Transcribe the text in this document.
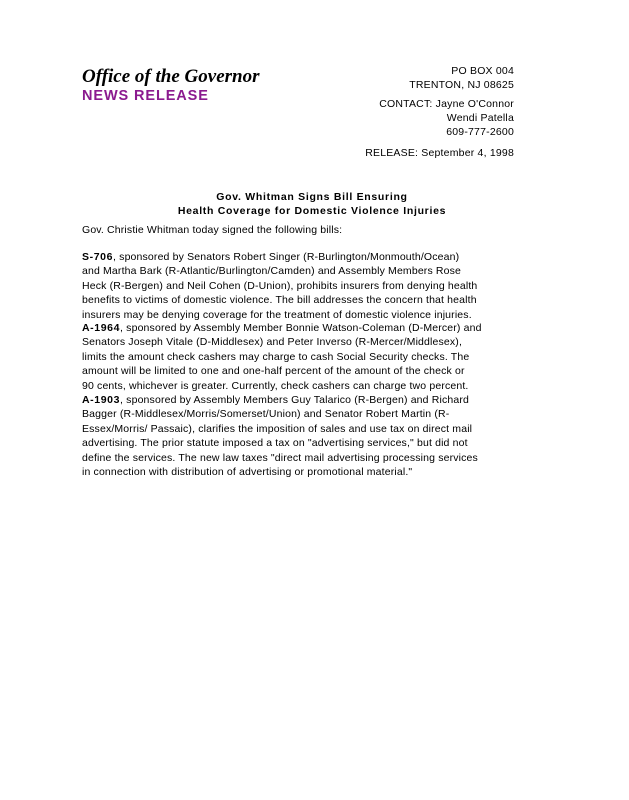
Office of the Governor
NEWS RELEASE
PO BOX 004
TRENTON, NJ 08625
CONTACT: Jayne O'Connor
Wendi Patella
609-777-2600
RELEASE: September 4, 1998
Gov. Whitman Signs Bill Ensuring
Health Coverage for Domestic Violence Injuries

Gov. Christie Whitman today signed the following bills:

S-706, sponsored by Senators Robert Singer (R-Burlington/Monmouth/Ocean)

and Martha Bark (R-Atlantic/Burlington/Camden) and Assembly Members Rose

Heck (R-Bergen) and Neil Cohen (D-Union), prohibits insurers from denying health

benefits to victims of domestic violence. The bill addresses the concern that health

insurers may be denying coverage for the treatment of domestic violence injuries.

A-1964, sponsored by Assembly Member Bonnie Watson-Coleman (D-Mercer) and

Senators Joseph Vitale (D-Middlesex) and Peter Inverso (R-Mercer/Middlesex),

limits the amount check cashers may charge to cash Social Security checks. The

amount will be limited to one and one-half percent of the amount of the check or

90 cents, whichever is greater. Currently, check cashers can charge two percent.

A-1903, sponsored by Assembly Members Guy Talarico (R-Bergen) and Richard

Bagger (R-Middlesex/Morris/Somerset/Union) and Senator Robert Martin (R-

Essex/Morris/ Passaic), clarifies the imposition of sales and use tax on direct mail

advertising. The prior statute imposed a tax on "advertising services," but did not

define the services. The new law taxes "direct mail advertising processing services

in connection with distribution of advertising or promotional material."
